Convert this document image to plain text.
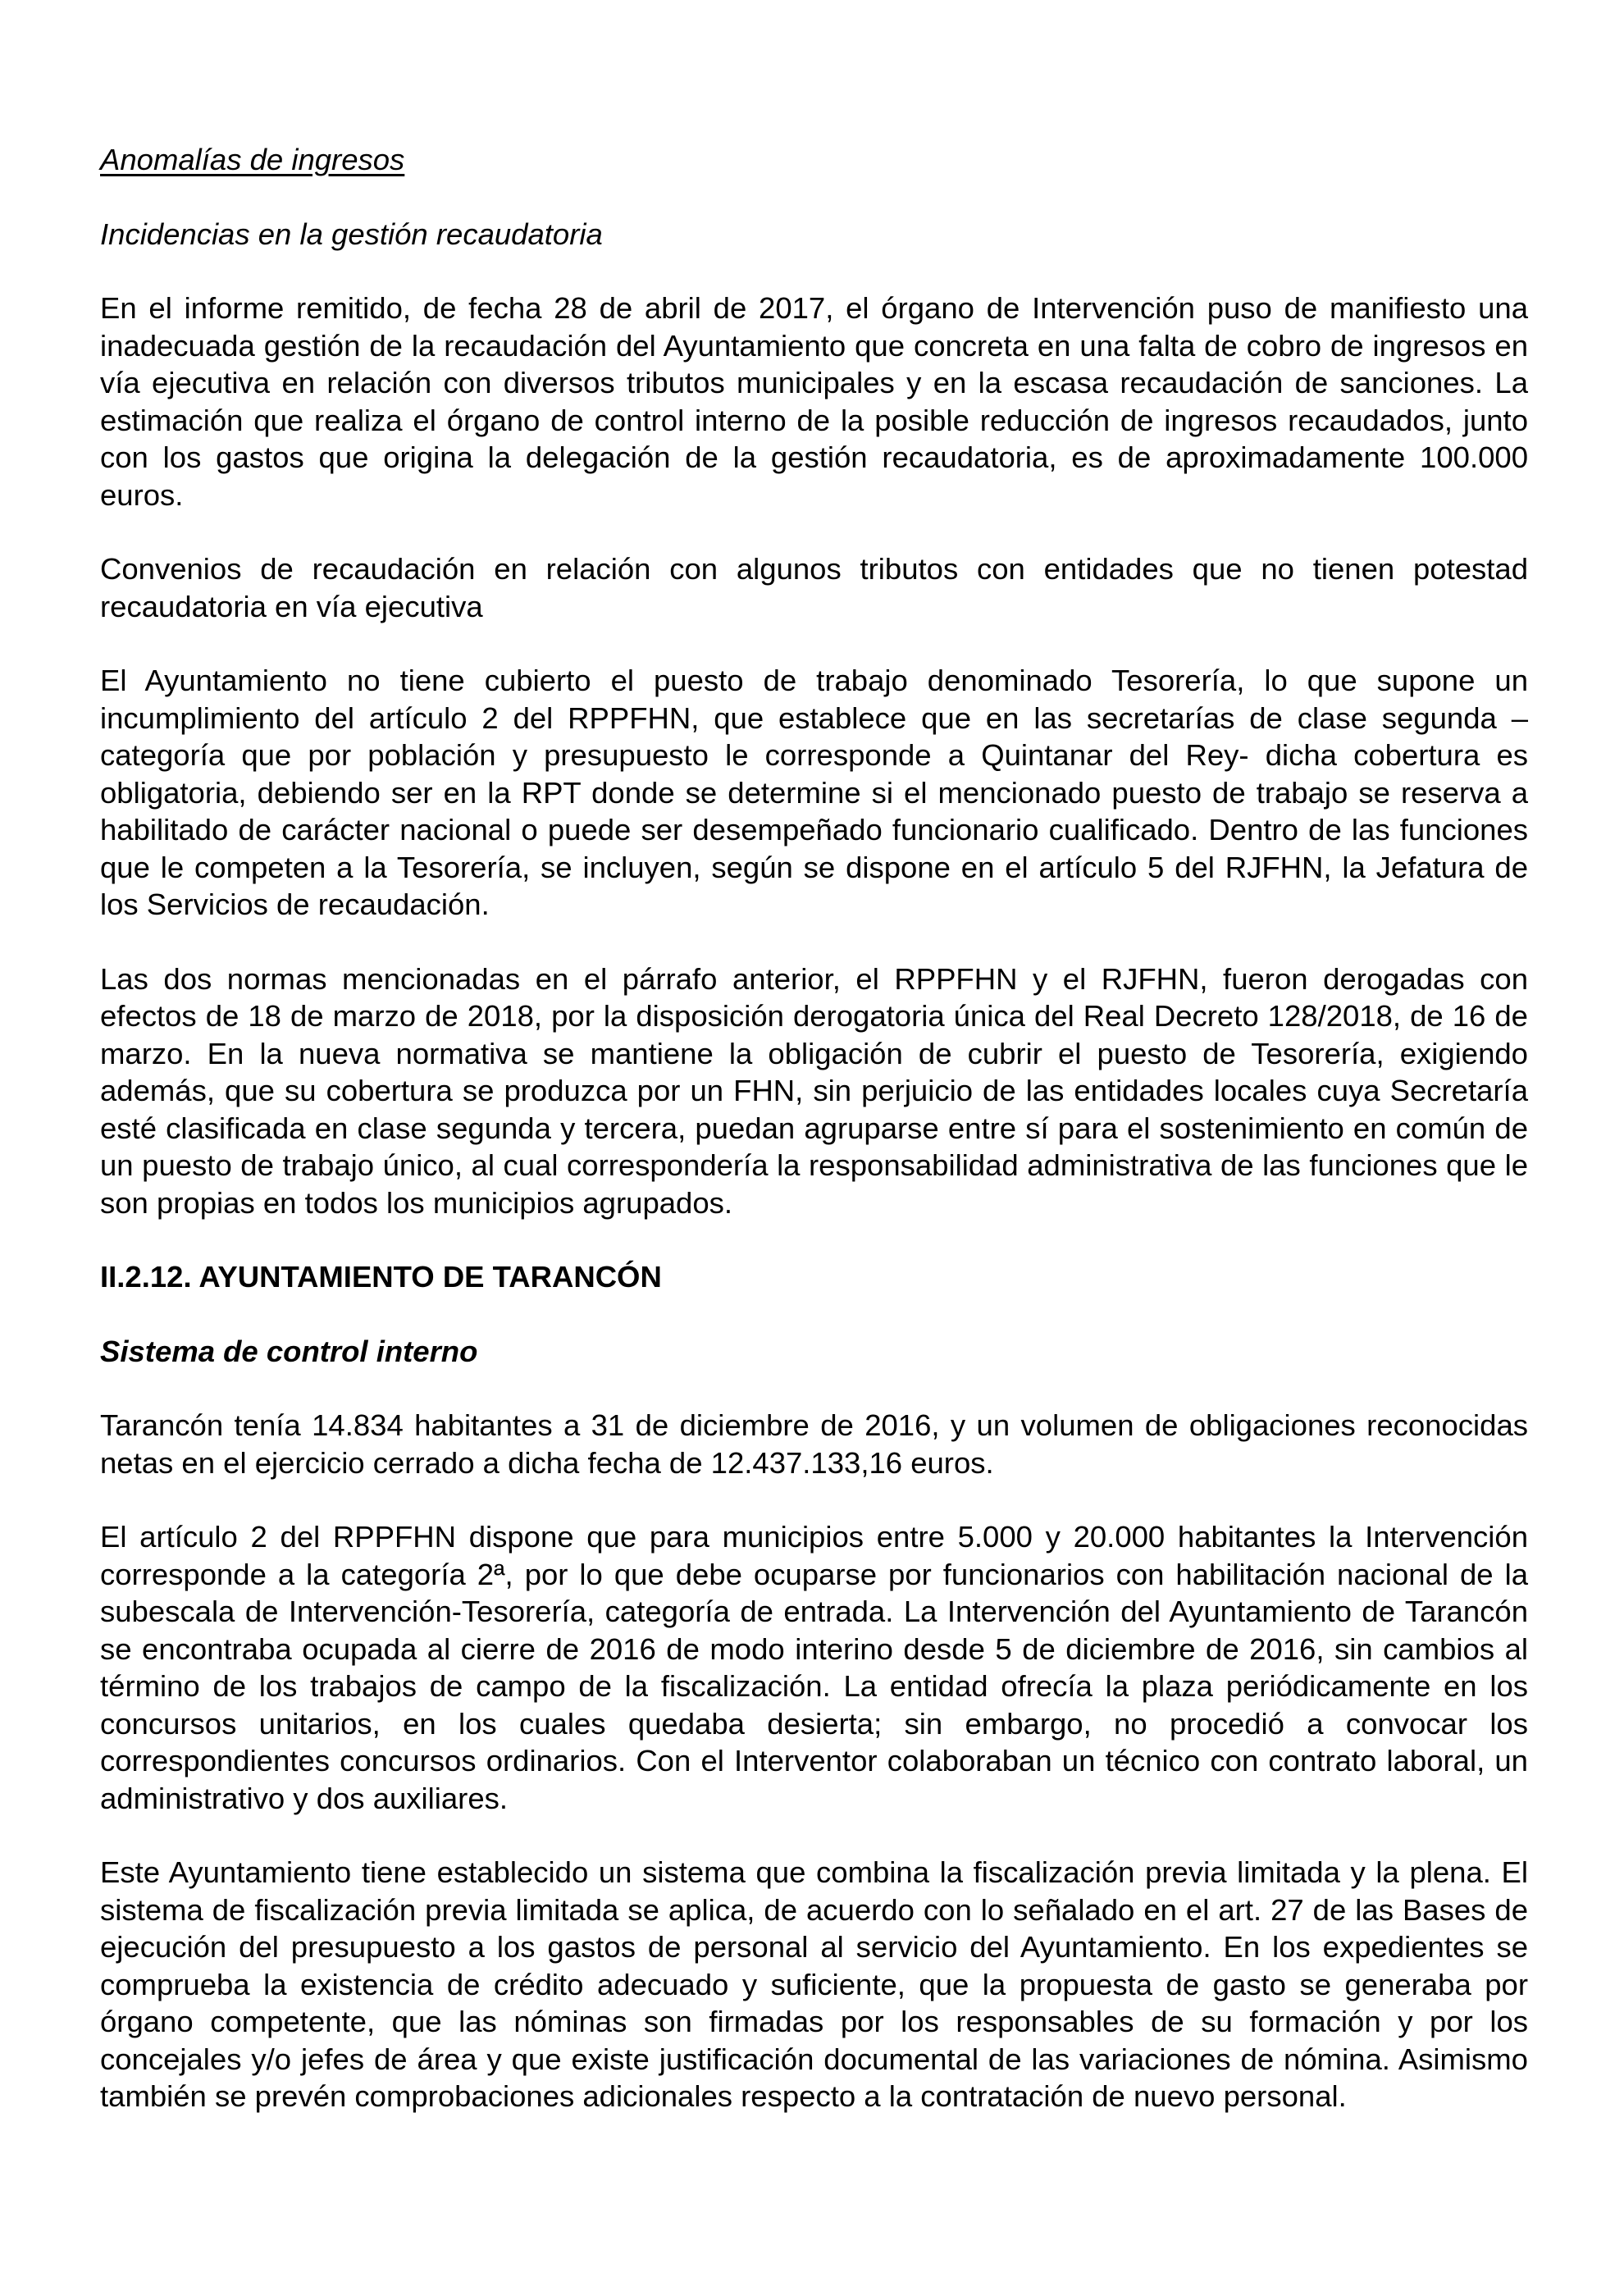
Anomalías de ingresos

Incidencias en la gestión recaudatoria

En el informe remitido, de fecha 28 de abril de 2017, el órgano de Intervención puso de manifiesto una inadecuada gestión de la recaudación del Ayuntamiento que concreta en una falta de cobro de ingresos en vía ejecutiva en relación con diversos tributos municipales y en la escasa recaudación de sanciones. La estimación que realiza el órgano de control interno de la posible reducción de ingresos recaudados, junto con los gastos que origina la delegación de la gestión recaudatoria, es de aproximadamente 100.000 euros.

Convenios de recaudación en relación con algunos tributos con entidades que no tienen potestad recaudatoria en vía ejecutiva

El Ayuntamiento no tiene cubierto el puesto de trabajo denominado Tesorería, lo que supone un incumplimiento del artículo 2 del RPPFHN, que establece que en las secretarías de clase segunda –categoría que por población y presupuesto le corresponde a Quintanar del Rey- dicha cobertura es obligatoria, debiendo ser en la RPT donde se determine si el mencionado puesto de trabajo se reserva a habilitado de carácter nacional o puede ser desempeñado funcionario cualificado. Dentro de las funciones que le competen a la Tesorería, se incluyen, según se dispone en el artículo 5 del RJFHN, la Jefatura de los Servicios de recaudación.

Las dos normas mencionadas en el párrafo anterior, el RPPFHN y el RJFHN, fueron derogadas con efectos de 18 de marzo de 2018, por la disposición derogatoria única del Real Decreto 128/2018, de 16 de marzo. En la nueva normativa se mantiene la obligación de cubrir el puesto de Tesorería, exigiendo además, que su cobertura se produzca por un FHN, sin perjuicio de las entidades locales cuya Secretaría esté clasificada en clase segunda y tercera, puedan agruparse entre sí para el sostenimiento en común de un puesto de trabajo único, al cual correspondería la responsabilidad administrativa de las funciones que le son propias en todos los municipios agrupados.

II.2.12. AYUNTAMIENTO DE TARANCÓN

Sistema de control interno

Tarancón tenía 14.834 habitantes a 31 de diciembre de 2016, y un volumen de obligaciones reconocidas netas en el ejercicio cerrado a dicha fecha de 12.437.133,16 euros.

El artículo 2 del RPPFHN dispone que para municipios entre 5.000 y 20.000 habitantes la Intervención corresponde a la categoría 2ª, por lo que debe ocuparse por funcionarios con habilitación nacional de la subescala de Intervención-Tesorería, categoría de entrada. La Intervención del Ayuntamiento de Tarancón se encontraba ocupada al cierre de 2016 de modo interino desde 5 de diciembre de 2016, sin cambios al término de los trabajos de campo de la fiscalización. La entidad ofrecía la plaza periódicamente en los concursos unitarios, en los cuales quedaba desierta; sin embargo, no procedió a convocar los correspondientes concursos ordinarios. Con el Interventor colaboraban un técnico con contrato laboral, un administrativo y dos auxiliares.

Este Ayuntamiento tiene establecido un sistema que combina la fiscalización previa limitada y la plena. El sistema de fiscalización previa limitada se aplica, de acuerdo con lo señalado en el art. 27 de las Bases de ejecución del presupuesto a los gastos de personal al servicio del Ayuntamiento. En los expedientes se comprueba la existencia de crédito adecuado y suficiente, que la propuesta de gasto se generaba por órgano competente, que las nóminas son firmadas por los responsables de su formación y por los concejales y/o jefes de área y que existe justificación documental de las variaciones de nómina. Asimismo también se prevén comprobaciones adicionales respecto a la contratación de nuevo personal.
